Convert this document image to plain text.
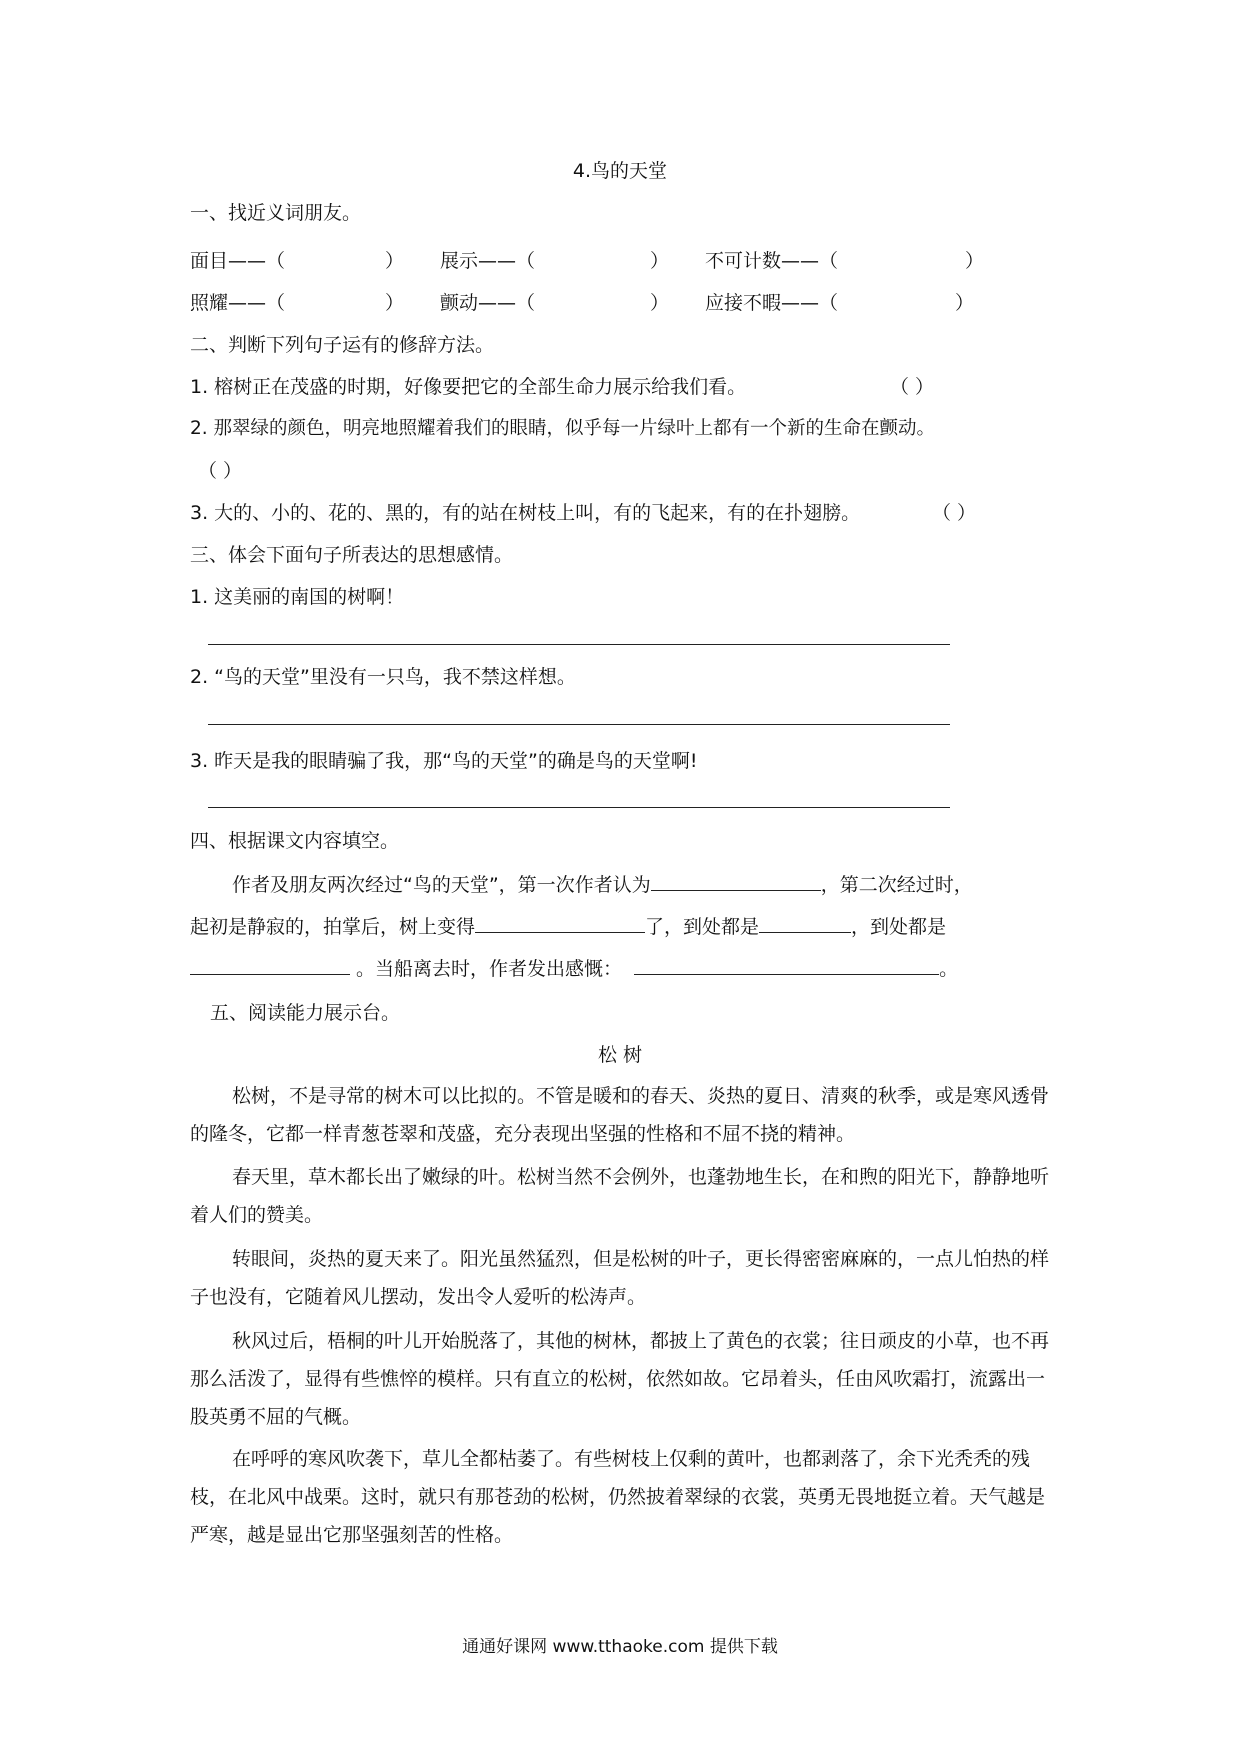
4.鸟的天堂
一、找近义词朋友。
面目——（	） 展示——（	） 不可计数——（	）
照耀——（	） 颤动——（	） 应接不暇——（	）
二、判断下列句子运有的修辞方法。
1. 榕树正在茂盛的时期，好像要把它的全部生命力展示给我们看。	（ ）
2. 那翠绿的颜色，明亮地照耀着我们的眼睛，似乎每一片绿叶上都有一个新的生命在颤动。
（ ）
3. 大的、小的、花的、黑的，有的站在树枝上叫，有的飞起来，有的在扑翅膀。	（ ）
三、体会下面句子所表达的思想感情。
1. 这美丽的南国的树啊！
2. “鸟的天堂”里没有一只鸟，我不禁这样想。
3. 昨天是我的眼睛骗了我，那“鸟的天堂”的确是鸟的天堂啊!
四、根据课文内容填空。
作者及朋友两次经过“鸟的天堂”，第一次作者认为	，第二次经过时，
起初是静寂的，拍掌后，树上变得	了，到处都是	，到处都是
。当船离去时，作者发出感慨：	。
五、阅读能力展示台。
松 树
松树，不是寻常的树木可以比拟的。不管是暖和的春天、炎热的夏日、清爽的秋季，或是寒风透骨的隆冬，它都一样青葱苍翠和茂盛，充分表现出坚强的性格和不屈不挠的精神。
春天里，草木都长出了嫩绿的叶。松树当然不会例外，也蓬勃地生长，在和煦的阳光下，静静地听着人们的赞美。
转眼间，炎热的夏天来了。阳光虽然猛烈，但是松树的叶子，更长得密密麻麻的，一点儿怕热的样子也没有，它随着风儿摆动，发出令人爱听的松涛声。
秋风过后，梧桐的叶儿开始脱落了，其他的树林，都披上了黄色的衣裳；往日顽皮的小草，也不再那么活泼了，显得有些憔悴的模样。只有直立的松树，依然如故。它昂着头，任由风吹霜打，流露出一股英勇不屈的气概。
在呼呼的寒风吹袭下，草儿全都枯萎了。有些树枝上仅剩的黄叶，也都剥落了，余下光秃秃的残枝，在北风中战栗。这时，就只有那苍劲的松树，仍然披着翠绿的衣裳，英勇无畏地挺立着。天气越是严寒，越是显出它那坚强刻苦的性格。
通通好课网 www.tthaoke.com 提供下载
